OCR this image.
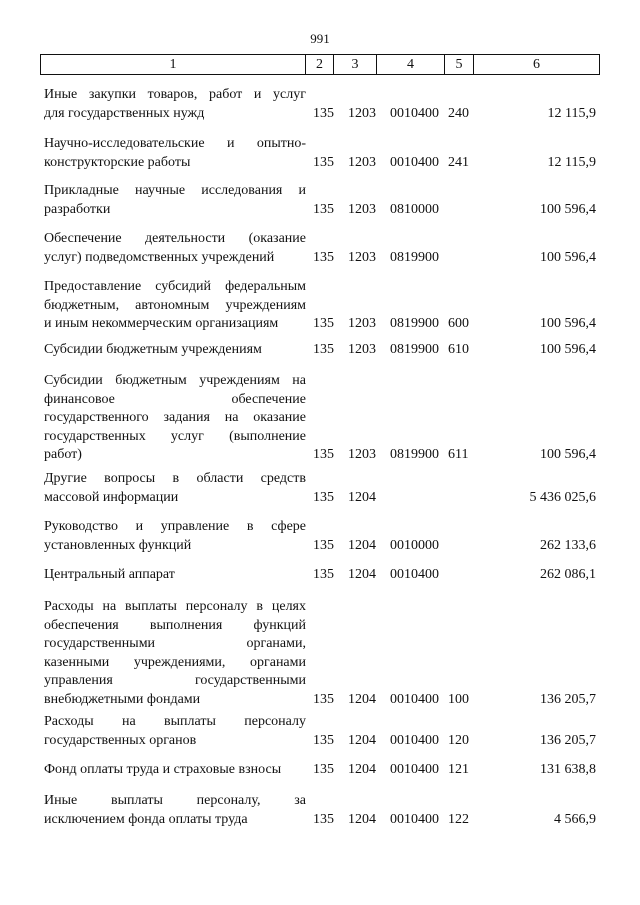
991
1	2	3	4	5	6
Иные закупки товаров, работ и услуг
для государственных нужд	135 1203 0010400 240	12 115,9
Научно-исследовательские и опытно-
конструкторские работы	135 1203 0010400 241	12 115,9
Прикладные научные исследования и
разработки	135 1203 0810000	100 596,4
Обеспечение деятельности (оказание
услуг) подведомственных учреждений	135 1203 0819900	100 596,4
Предоставление субсидий федеральным
бюджетным, автономным учреждениям
и иным некоммерческим организациям	135 1203 0819900 600	100 596,4
Субсидии бюджетным учреждениям	135 1203 0819900 610	100 596,4
Субсидии бюджетным учреждениям на
финансовое обеспечение
государственного задания на оказание
государственных услуг (выполнение
работ)	135 1203 0819900 611	100 596,4
Другие вопросы в области средств
массовой информации	135 1204	5 436 025,6
Руководство и управление в сфере
установленных функций	135 1204 0010000	262 133,6
Центральный аппарат	135 1204 0010400	262 086,1
Расходы на выплаты персоналу в целях
обеспечения выполнения функций
государственными органами,
казенными учреждениями, органами
управления государственными
внебюджетными фондами	135 1204 0010400 100	136 205,7
Расходы на выплаты персоналу
государственных органов	135 1204 0010400 120	136 205,7
Фонд оплаты труда и страховые взносы	135 1204 0010400 121	131 638,8
Иные выплаты персоналу, за
исключением фонда оплаты труда	135 1204 0010400 122	4 566,9
